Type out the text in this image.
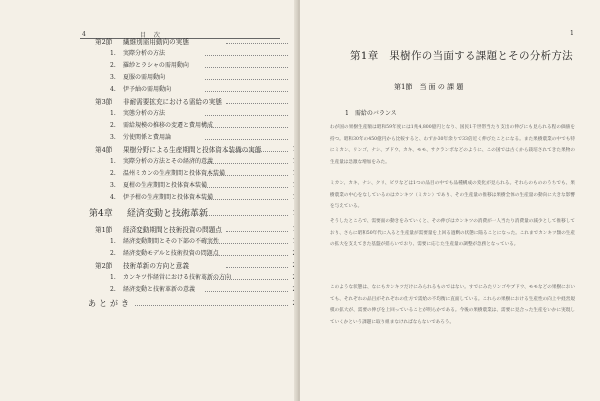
4	目 次
第2節 繊維別需用動向の実態
1. 実際分析の方法
2. 羅紗とラシャの需用動向
3. 夏服の需用動向
4. 伊予紬の需用動向
第3節 非耐需要拡充における需給の実態
1. 実態分析の方法
2. 需給規模の推移の変遷と費用構成
3. 労使関係と費用論
第4節 果樹分野による生産期間と投体資本装備の実態
1. 実際分析の方法とその経済的意義
2. 温州ミカンの生産期間と投体資本装備
3. 夏柑の生産期間と投体資本装備
4. 伊予柑の生産期間と投体資本装備
第4章 経済変動と技術革新
第1節 経済変動期間と技術投資の問題点
1. 経済変動期間とその下部の不確実性
2. 経済変動モデルと技術投資の問題点
第2節 技術革新の方向と意義
1. カンキツ作経営における技術革新の方向
2. 経済変動と技術革新の意義
あとがき
1
第1章　果樹作の当面する課題とその分析方法
第1節　当 面 の 課 題
1　需給のバランス
わが国の果樹生産額は昭和59年度には1兆4,800億円となり、国民1千世帯当たり支出の伸びにも見られる程の価値を持つ。昭和30年の450億円から比較すると、わずか30年余りで33倍近く伸びたことになる。また果樹農業の中でも特にミカン、リンゴ、ナシ、ブドウ、カキ、モモ、サクランボなどのように、この国では古くから栽培されてきた果物の生産量は急激な増加をみた。
ミカン、カキ、ナシ、クリ、ビワなどは1つの品目の中でも品種構成の変化が見られる。それらのもののうちでも、果樹農業の中心をなしているのはカンキツ（ミカン）であり、その生産量の推移は果樹全体の生産量の動向に大きな影響を与えている。
そうしたところで、需要面の動きをみていくと、その伸びはカンキツの消費が一人当たり消費量の減少として推移しており、さらに昭和50年代に入ると生産量が需要量を上回る過剰の状態に陥ることになった。これまでカンキツ類の生産の拡大を支えてきた基盤が揺らいでおり、需要に応じた生産量の調整が急務となっている。
このような状態は、なにもカンキツだけにみられるものではない。すでにみたリンゴやブドウ、モモなどの果樹においても、それぞれの品目がそれぞれの仕方で需給の不均衡に直面している。これらの果樹における生産性の向上や経営規模の拡大が、需要の伸びを上回っていることが明らかである。今後の果樹農業は、需要に見合った生産をいかに実現していくかという課題に取り組まなければならないであろう。
